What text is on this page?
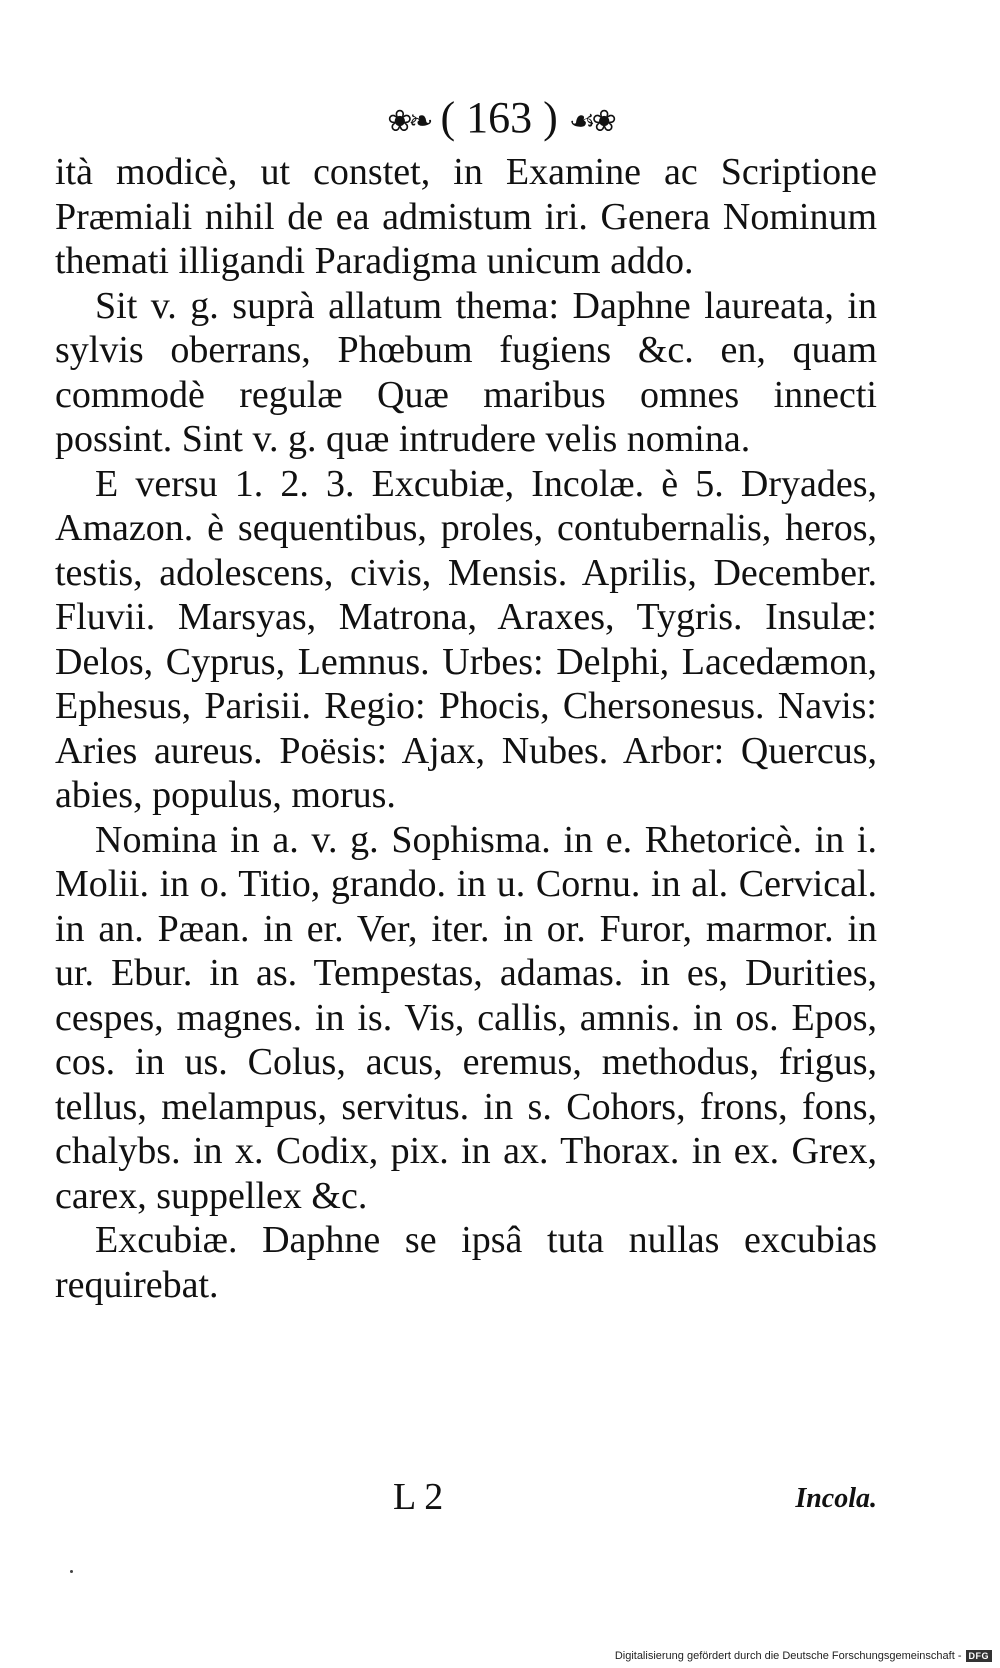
❀❧ ( 163 ) ☙❀

ità modicè, ut constet, in Examine ac Scriptione Præmiali nihil de ea admistum iri. Genera Nominum themati illigandi Paradigma unicum addo.

Sit v. g. suprà allatum thema: Daphne laureata, in sylvis oberrans, Phœbum fugiens &c. en, quam commodè regulæ Quæ maribus omnes innecti possint. Sint v. g. quæ intrudere velis nomina.

E versu 1. 2. 3. Excubiæ, Incolæ. è 5. Dryades, Amazon. è sequentibus, proles, contubernalis, heros, testis, adolescens, civis, Mensis. Aprilis, December. Fluvii. Marsyas, Matrona, Araxes, Tygris. Insulæ: Delos, Cyprus, Lemnus. Urbes: Delphi, Lacedæmon, Ephesus, Parisii. Regio: Phocis, Chersonesus. Navis: Aries aureus. Poësis: Ajax, Nubes. Arbor: Quercus, abies, populus, morus.

Nomina in a. v. g. Sophisma. in e. Rhetoricè. in i. Molii. in o. Titio, grando. in u. Cornu. in al. Cervical. in an. Pæan. in er. Ver, iter. in or. Furor, marmor. in ur. Ebur. in as. Tempestas, adamas. in es, Durities, cespes, magnes. in is. Vis, callis, amnis. in os. Epos, cos. in us. Colus, acus, eremus, methodus, frigus, tellus, melampus, servitus. in s. Cohors, frons, fons, chalybs. in x. Codix, pix. in ax. Thorax. in ex. Grex, carex, suppellex &c.

Excubiæ. Daphne se ipsâ tuta nullas excubias requirebat.

L 2	Incola.
Digitalisierung gefördert durch die Deutsche Forschungsgemeinschaft - DFG
